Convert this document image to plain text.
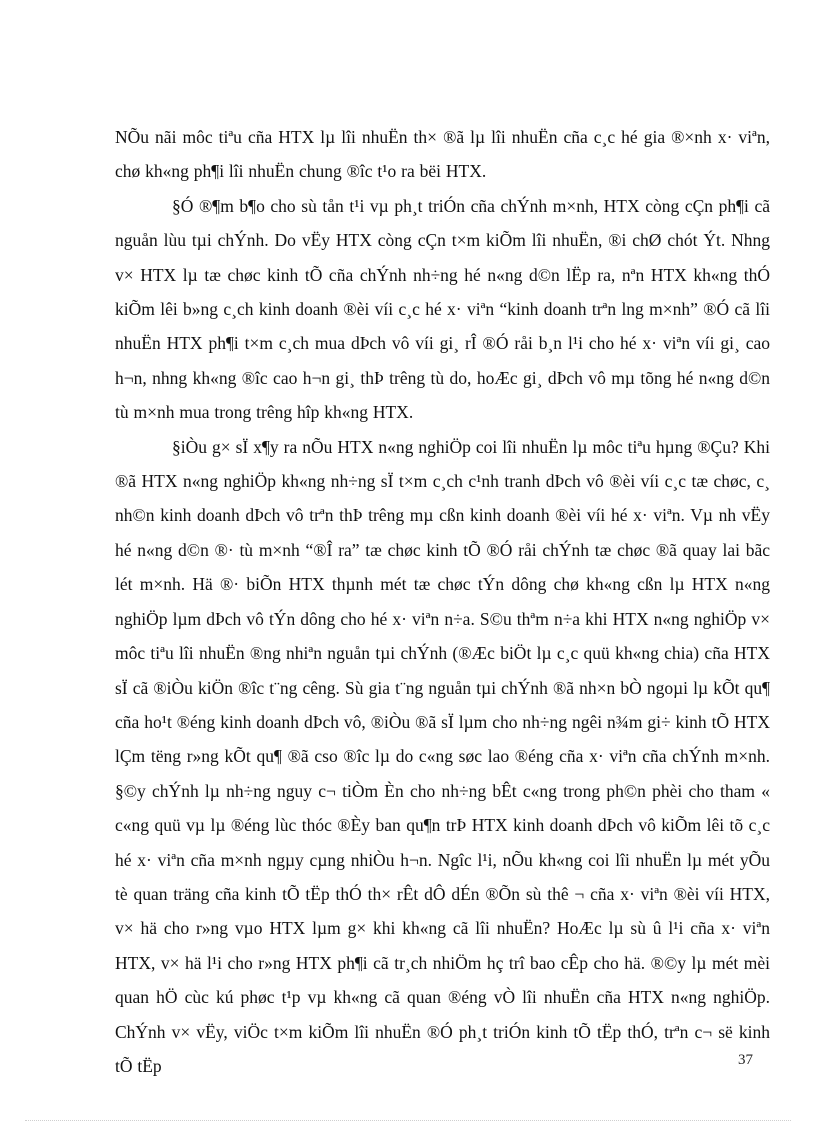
NÕu nãi môc tiªu cña HTX lµ lîi nhuËn th× ®ã lµ lîi nhuËn cña c¸c hé gia ®×nh x· viªn, chø kh«ng ph¶i lîi nhuËn chung ®îc t¹o ra bëi HTX.

§Ó ®¶m b¶o cho sù tån t¹i vµ ph¸t triÓn cña chÝnh m×nh, HTX còng cÇn ph¶i cã nguån lùu tµi chÝnh. Do vËy HTX còng cÇn t×m kiÕm lîi nhuËn, ®i chØ chót Ýt. Nhng v× HTX lµ tæ chøc kinh tÕ cña chÝnh nh÷ng hé n«ng d©n lËp ra, nªn HTX kh«ng thÓ kiÕm lêi b»ng c¸ch kinh doanh ®èi víi c¸c hé x· viªn “kinh doanh trªn lng m×nh” ®Ó cã lîi nhuËn HTX ph¶i t×m c¸ch mua dÞch vô víi gi¸ rÎ ®Ó råi b¸n l¹i cho hé x· viªn víi gi¸ cao h¬n, nhng kh«ng ®îc cao h¬n gi¸ thÞ trêng tù do, hoÆc gi¸ dÞch vô mµ tõng hé n«ng d©n tù m×nh mua trong trêng hîp kh«ng HTX.

§iÒu g× sÏ x¶y ra nÕu HTX n«ng nghiÖp coi lîi nhuËn lµ môc tiªu hµng ®Çu? Khi ®ã HTX n«ng nghiÖp kh«ng nh÷ng sÏ t×m c¸ch c¹nh tranh dÞch vô ®èi víi c¸c tæ chøc, c¸ nh©n kinh doanh dÞch vô trªn thÞ trêng mµ cßn kinh doanh ®èi víi hé x· viªn. Vµ nh vËy hé n«ng d©n ®· tù m×nh “®Î ra” tæ chøc kinh tÕ ®Ó råi chÝnh tæ chøc ®ã quay lai bãc lét m×nh. Hä ®· biÕn HTX thµnh mét tæ chøc tÝn dông chø kh«ng cßn lµ HTX n«ng nghiÖp lµm dÞch vô tÝn dông cho hé x· viªn n÷a. S©u thªm n÷a khi HTX n«ng nghiÖp v× môc tiªu lîi nhuËn ®ng nhiªn nguån tµi chÝnh (®Æc biÖt lµ c¸c quü kh«ng chia) cña HTX sÏ cã ®iÒu kiÖn ®îc t¨ng cêng. Sù gia t¨ng nguån tµi chÝnh ®ã nh×n bÒ ngoµi lµ kÕt qu¶ cña ho¹t ®éng kinh doanh dÞch vô, ®iÒu ®ã sÏ lµm cho nh÷ng ngêi n¾m gi÷ kinh tÕ HTX lÇm tëng r»ng kÕt qu¶ ®ã cso ®îc lµ do c«ng søc lao ®éng cña x· viªn cña chÝnh m×nh. §©y chÝnh lµ nh÷ng nguy c¬ tiÒm Èn cho nh÷ng bÊt c«ng trong ph©n phèi cho tham « c«ng quü vµ lµ ®éng lùc thóc ®Èy ban qu¶n trÞ HTX kinh doanh dÞch vô kiÕm lêi tõ c¸c hé x· viªn cña m×nh ngµy cµng nhiÒu h¬n. Ngîc l¹i, nÕu kh«ng coi lîi nhuËn lµ mét yÕu tè quan träng cña kinh tÕ tËp thÓ th× rÊt dÔ dÉn ®Õn sù thê ¬ cña x· viªn ®èi víi HTX, v× hä cho r»ng vµo HTX lµm g× khi kh«ng cã lîi nhuËn? HoÆc lµ sù û l¹i cña x· viªn HTX, v× hä l¹i cho r»ng HTX ph¶i cã tr¸ch nhiÖm hç trî bao cÊp cho hä. ®©y lµ mét mèi quan hÖ cùc kú phøc t¹p vµ kh«ng cã quan ®éng vÒ lîi nhuËn cña HTX n«ng nghiÖp. ChÝnh v× vËy, viÖc t×m kiÕm lîi nhuËn ®Ó ph¸t triÓn kinh tÕ tËp thÓ, trªn c¬ së kinh tÕ tËp	37
